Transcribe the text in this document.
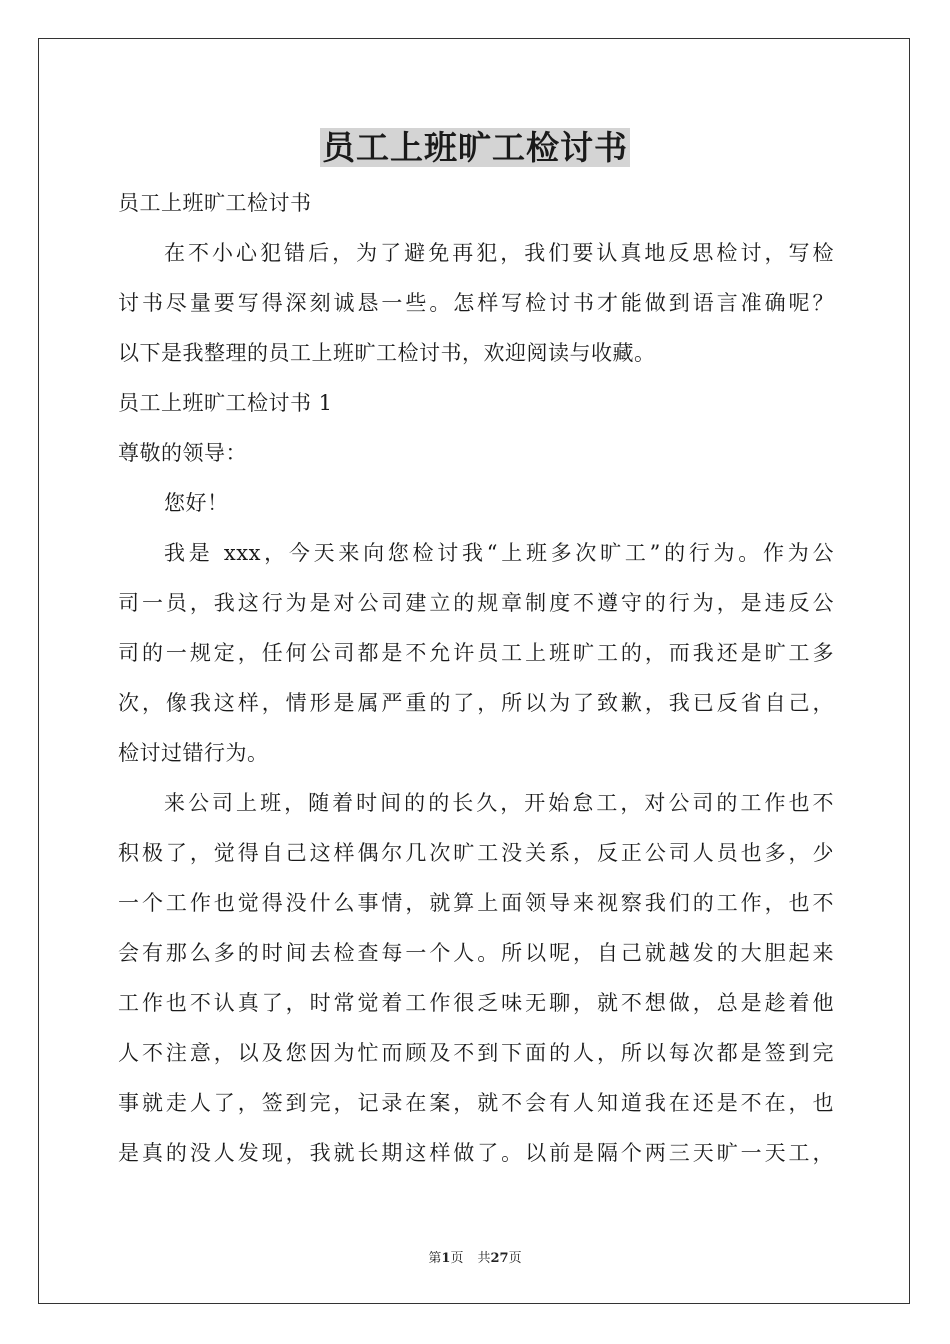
员工上班旷工检讨书
员工上班旷工检讨书
在不小心犯错后，为了避免再犯，我们要认真地反思检讨，写检
讨书尽量要写得深刻诚恳一些。怎样写检讨书才能做到语言准确呢？
以下是我整理的员工上班旷工检讨书，欢迎阅读与收藏。
员工上班旷工检讨书 1
尊敬的领导：
您好！
我是 xxx，今天来向您检讨我“上班多次旷工”的行为。作为公
司一员，我这行为是对公司建立的规章制度不遵守的行为，是违反公
司的一规定，任何公司都是不允许员工上班旷工的，而我还是旷工多
次，像我这样，情形是属严重的了，所以为了致歉，我已反省自己，
检讨过错行为。
来公司上班，随着时间的的长久，开始怠工，对公司的工作也不
积极了，觉得自己这样偶尔几次旷工没关系，反正公司人员也多，少
一个工作也觉得没什么事情，就算上面领导来视察我们的工作，也不
会有那么多的时间去检查每一个人。所以呢，自己就越发的大胆起来
工作也不认真了，时常觉着工作很乏味无聊，就不想做，总是趁着他
人不注意，以及您因为忙而顾及不到下面的人，所以每次都是签到完
事就走人了，签到完，记录在案，就不会有人知道我在还是不在，也
是真的没人发现，我就长期这样做了。以前是隔个两三天旷一天工，
第1页 共27页
